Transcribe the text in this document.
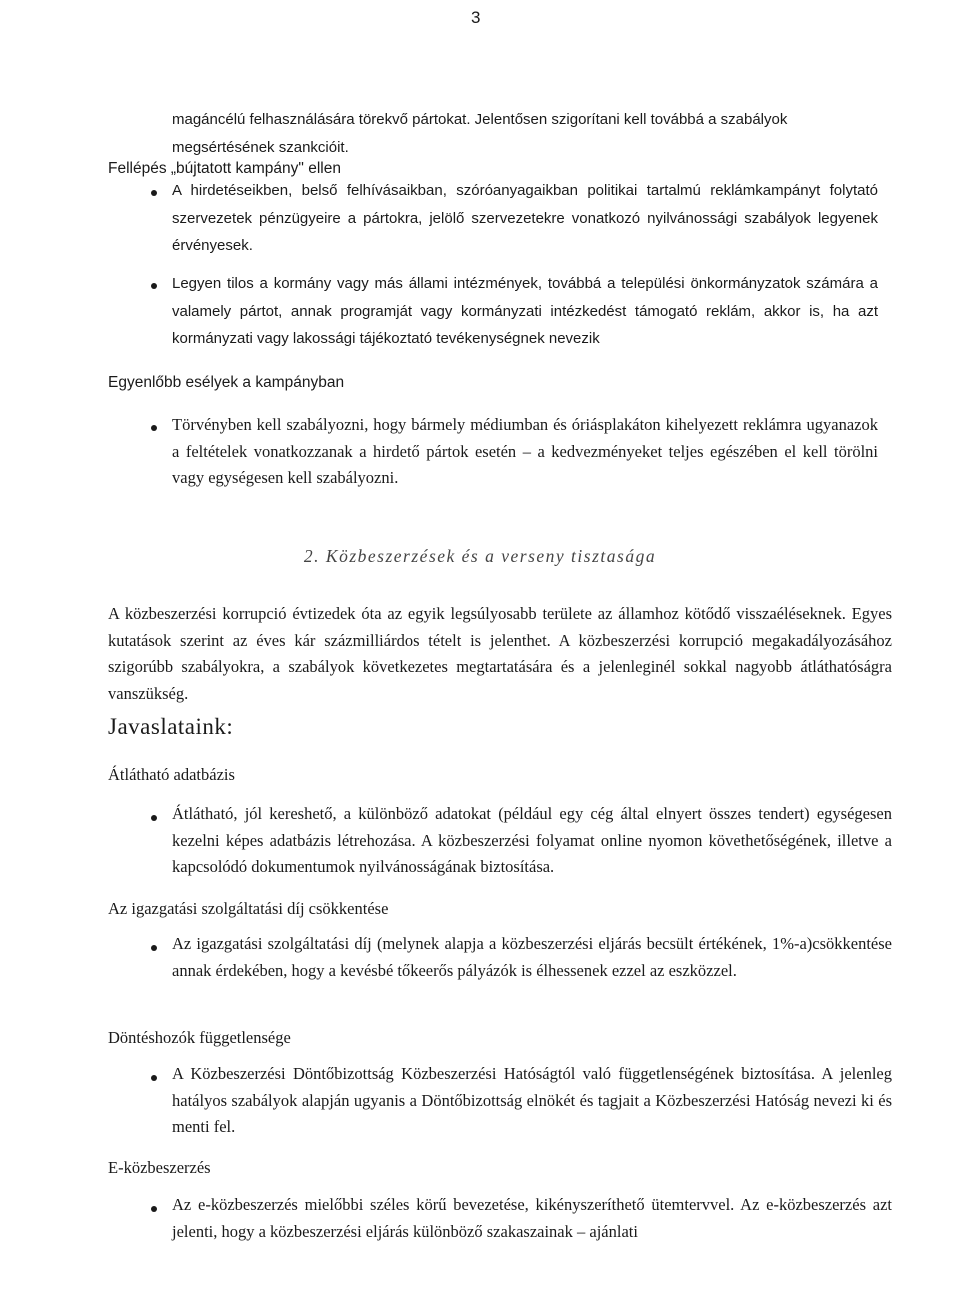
3
magáncélú felhasználására törekvő pártokat. Jelentősen szigorítani kell továbbá a szabályok megsértésének szankcióit.
Fellépés „bújtatott kampány" ellen
A hirdetéseikben, belső felhívásaikban, szóróanyagaikban politikai tartalmú reklámkampányt folytató szervezetek pénzügyeire a pártokra, jelölő szervezetekre vonatkozó nyilvánossági szabályok legyenek érvényesek.
Legyen tilos a kormány vagy más állami intézmények, továbbá a települési önkormányzatok számára a valamely pártot, annak programját vagy kormányzati intézkedést támogató reklám, akkor is, ha azt kormányzati vagy lakossági tájékoztató tevékenységnek nevezik
Egyenlőbb esélyek a kampányban
Törvényben kell szabályozni, hogy bármely médiumban és óriásplakáton kihelyezett reklámra ugyanazok a feltételek vonatkozzanak a hirdető pártok esetén – a kedvezményeket teljes egészében el kell törölni vagy egységesen kell szabályozni.
2. Közbeszerzések és a verseny tisztasága
A közbeszerzési korrupció évtizedek óta az egyik legsúlyosabb területe az államhoz kötődő visszaéléseknek. Egyes kutatások szerint az éves kár százmilliárdos tételt is jelenthet. A közbeszerzési korrupció megakadályozásához szigorúbb szabályokra, a szabályok következetes megtartatására és a jelenleginél sokkal nagyobb átláthatóságra vanszükség.
Javaslataink:
Átlátható adatbázis
Átlátható, jól kereshető, a különböző adatokat (például egy cég által elnyert összes tendert) egységesen kezelni képes adatbázis létrehozása. A közbeszerzési folyamat online nyomon követhetőségének, illetve a kapcsolódó dokumentumok nyilvánosságának biztosítása.
Az igazgatási szolgáltatási díj csökkentése
Az igazgatási szolgáltatási díj (melynek alapja a közbeszerzési eljárás becsült értékének, 1%-a)csökkentése annak érdekében, hogy a kevésbé tőkeerős pályázók is élhessenek ezzel az eszközzel.
Döntéshozók függetlensége
A Közbeszerzési Döntőbizottság Közbeszerzési Hatóságtól való függetlenségének biztosítása. A jelenleg hatályos szabályok alapján ugyanis a Döntőbizottság elnökét és tagjait a Közbeszerzési Hatóság nevezi ki és menti fel.
E-közbeszerzés
Az e-közbeszerzés mielőbbi széles körű bevezetése, kikényszeríthető ütemtervvel. Az e-közbeszerzés azt jelenti, hogy a közbeszerzési eljárás különböző szakaszainak – ajánlati
